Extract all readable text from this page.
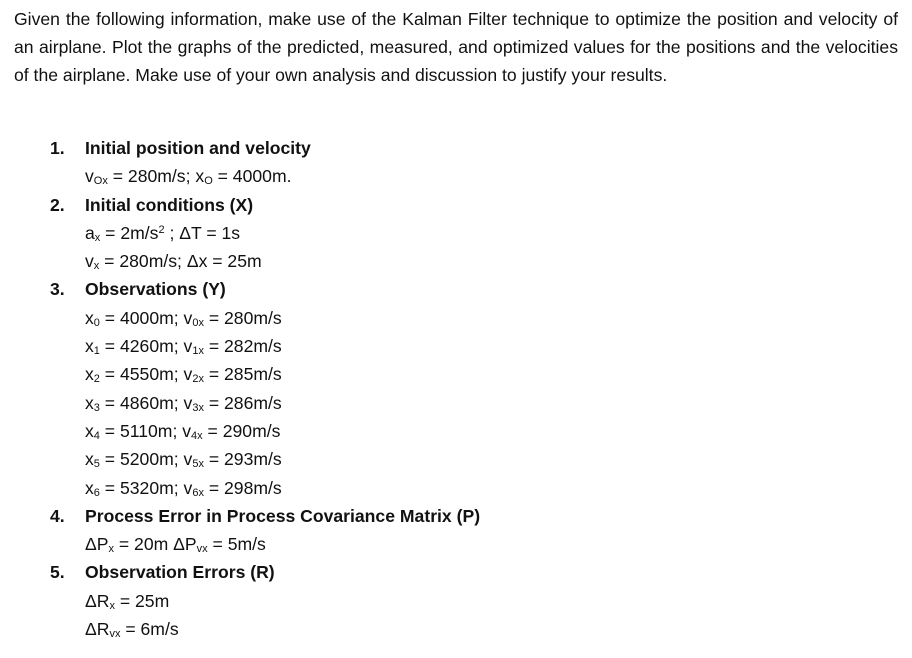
Given the following information, make use of the Kalman Filter technique to optimize the position and velocity of an airplane. Plot the graphs of the predicted, measured, and optimized values for the positions and the velocities of the airplane. Make use of your own analysis and discussion to justify your results.

1. Initial position and velocity
$v_{Ox} = 280m/s$; $x_O = 4000m$.
2. Initial conditions (X)
$a_x = 2m/s^2$ ; ΔT = 1s
$v_x = 280m/s$; Δx = 25m
3. Observations (Y)
$x_0 = 4000m$; $v_{0x} = 280m/s$
$x_1 = 4260m$; $v_{1x} = 282m/s$
$x_2 = 4550m$; $v_{2x} = 285m/s$
$x_3 = 4860m$; $v_{3x} = 286m/s$
$x_4 = 5110m$; $v_{4x} = 290m/s$
$x_5 = 5200m$; $v_{5x} = 293m/s$
$x_6 = 5320m$; $v_{6x} = 298m/s$
4. Process Error in Process Covariance Matrix (P)
$\Delta P_x = 20m$ $\Delta P_{vx} = 5m/s$
5. Observation Errors (R)
$\Delta R_x = 25m$
$\Delta R_{vx} = 6m/s$
